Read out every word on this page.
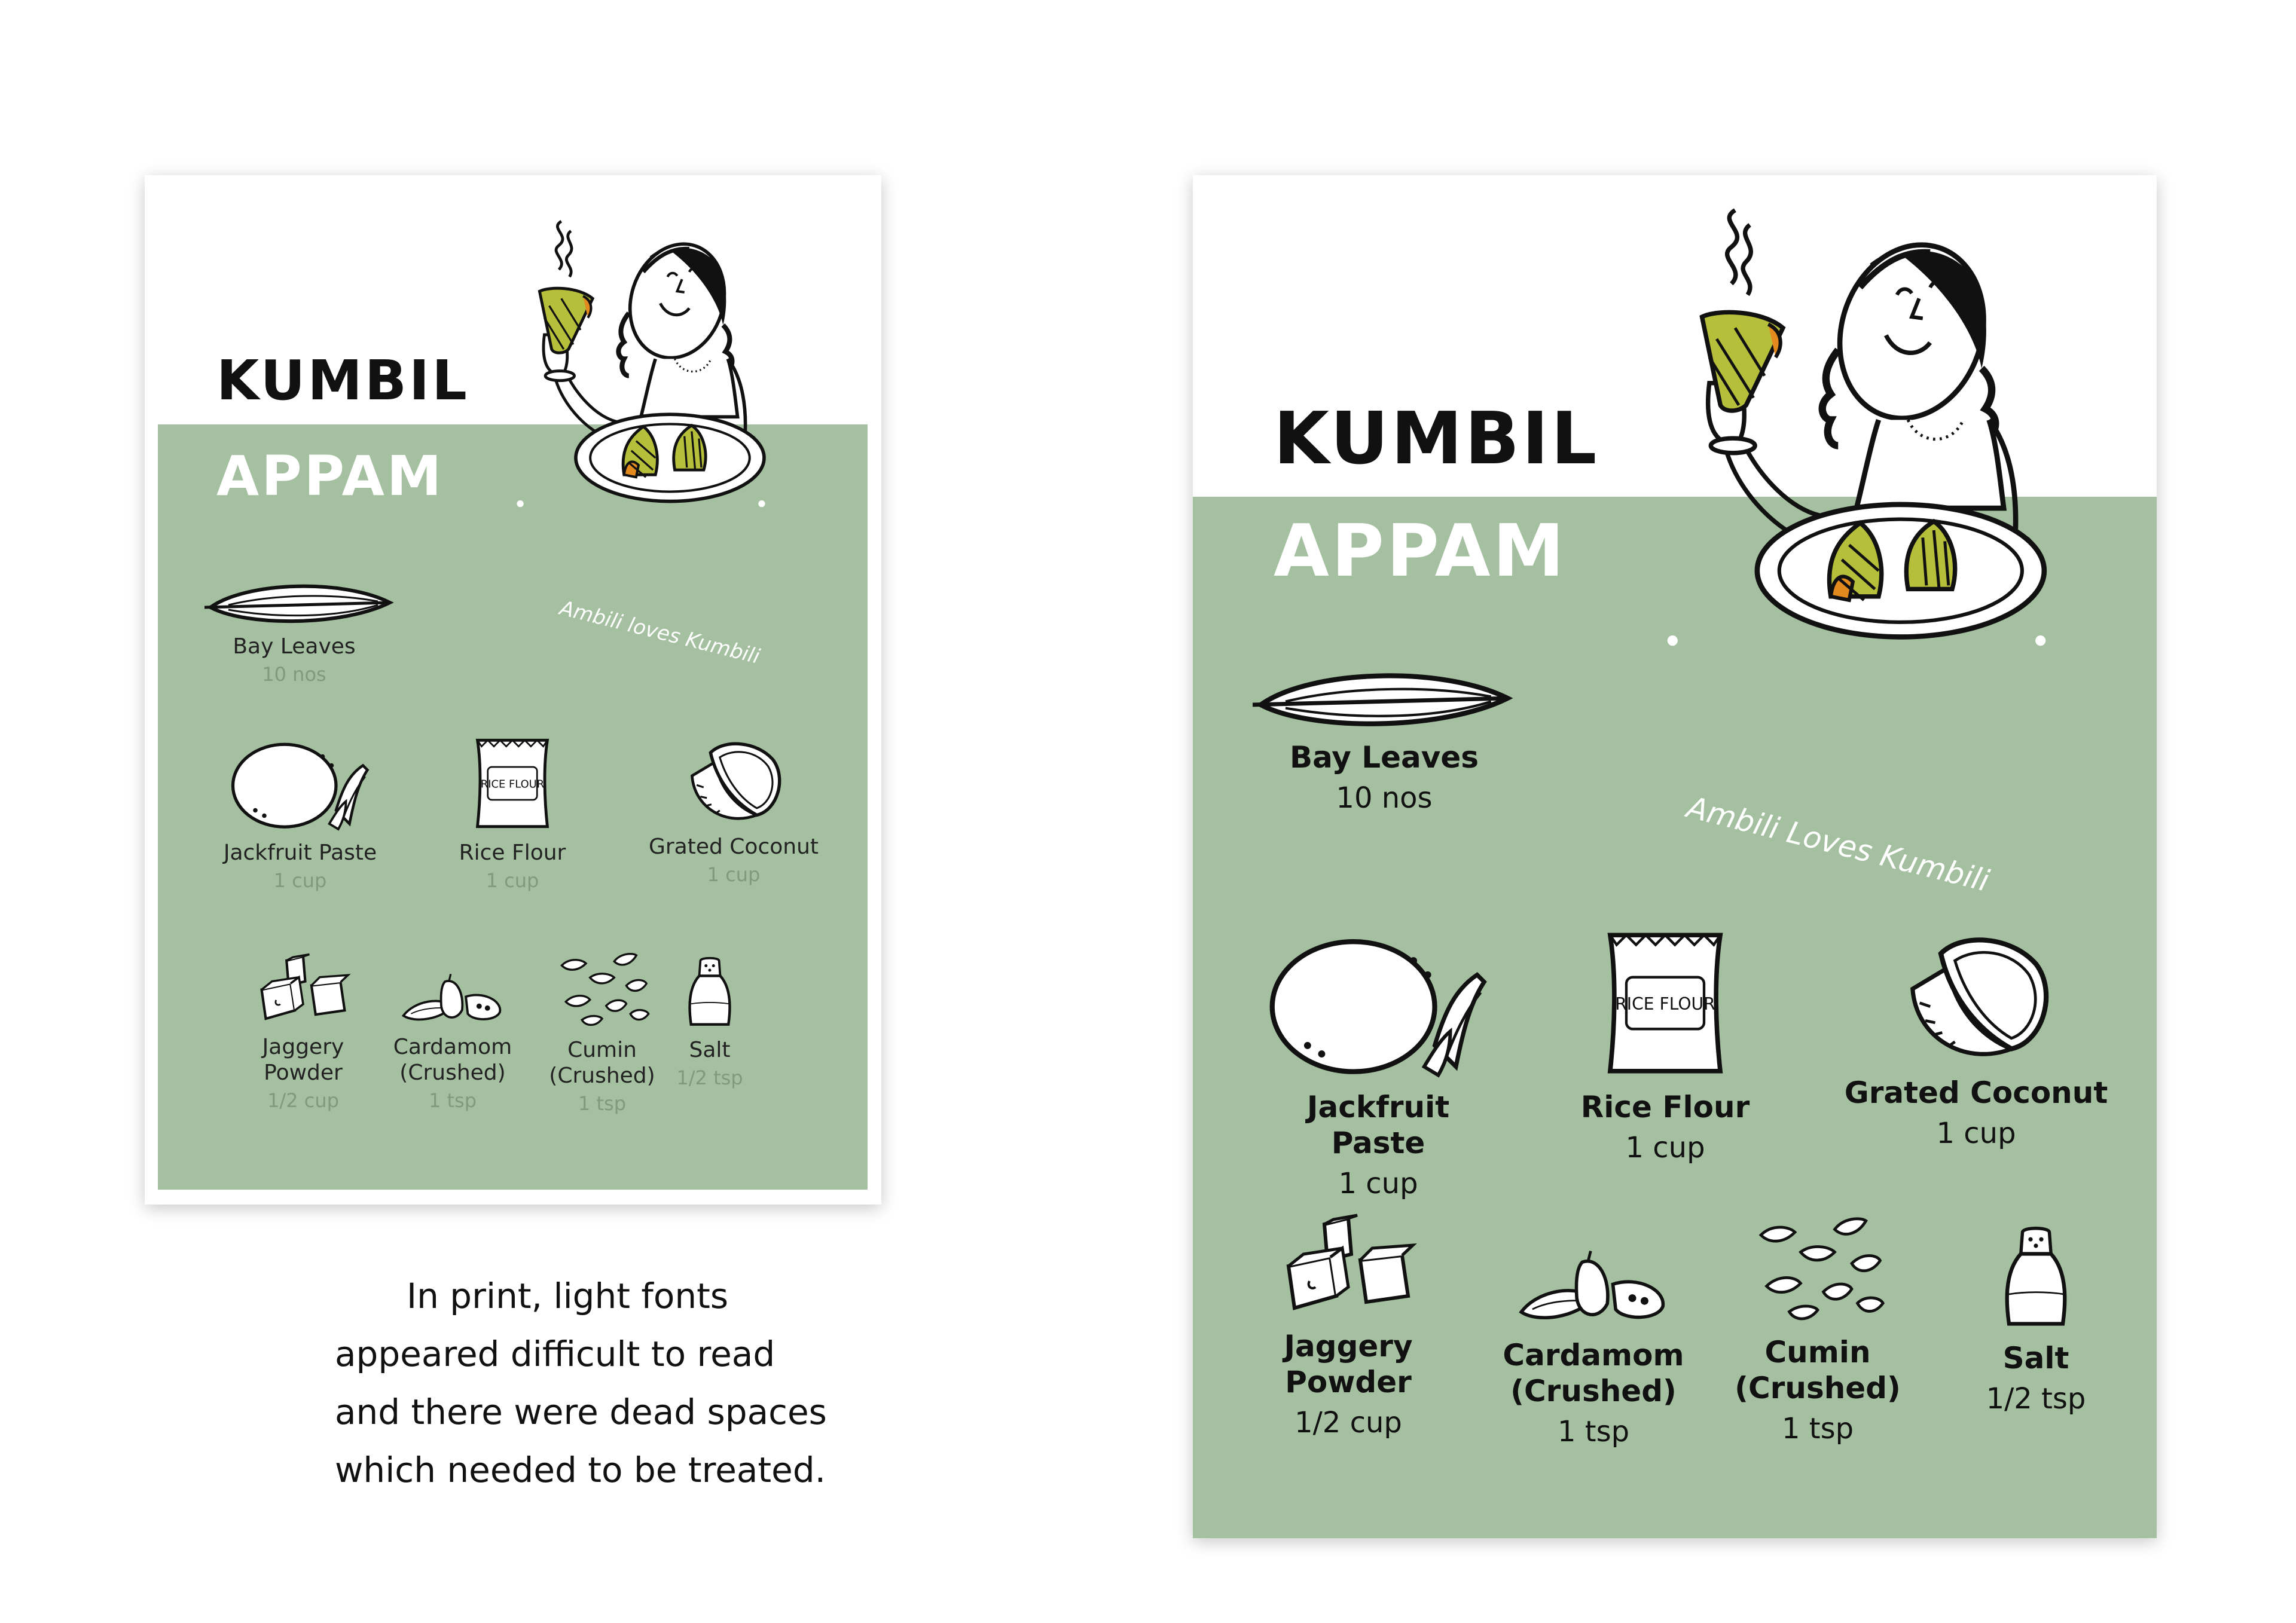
KUMBIL
APPAM
Ambili loves Kumbili
Bay Leaves
10 nos
Jackfruit Paste
1 cup
RICE FLOUR
Rice Flour
1 cup
Grated Coconut
1 cup
Jaggery
Powder
1/2 cup
Cardamom
(Crushed)
1 tsp
Cumin
(Crushed)
1 tsp
Salt
1/2 tsp
KUMBIL
APPAM
Ambili Loves Kumbili
Bay Leaves
10 nos
Jackfruit Paste
1 cup
RICE FLOUR
Rice Flour
1 cup
Grated Coconut
1 cup
Jaggery
Powder
1/2 cup
Cardamom
(Crushed)
1 tsp
Cumin
(Crushed)
1 tsp
Salt
1/2 tsp

In print, light fonts
appeared difficult to read
and there were dead spaces
which needed to be treated.
